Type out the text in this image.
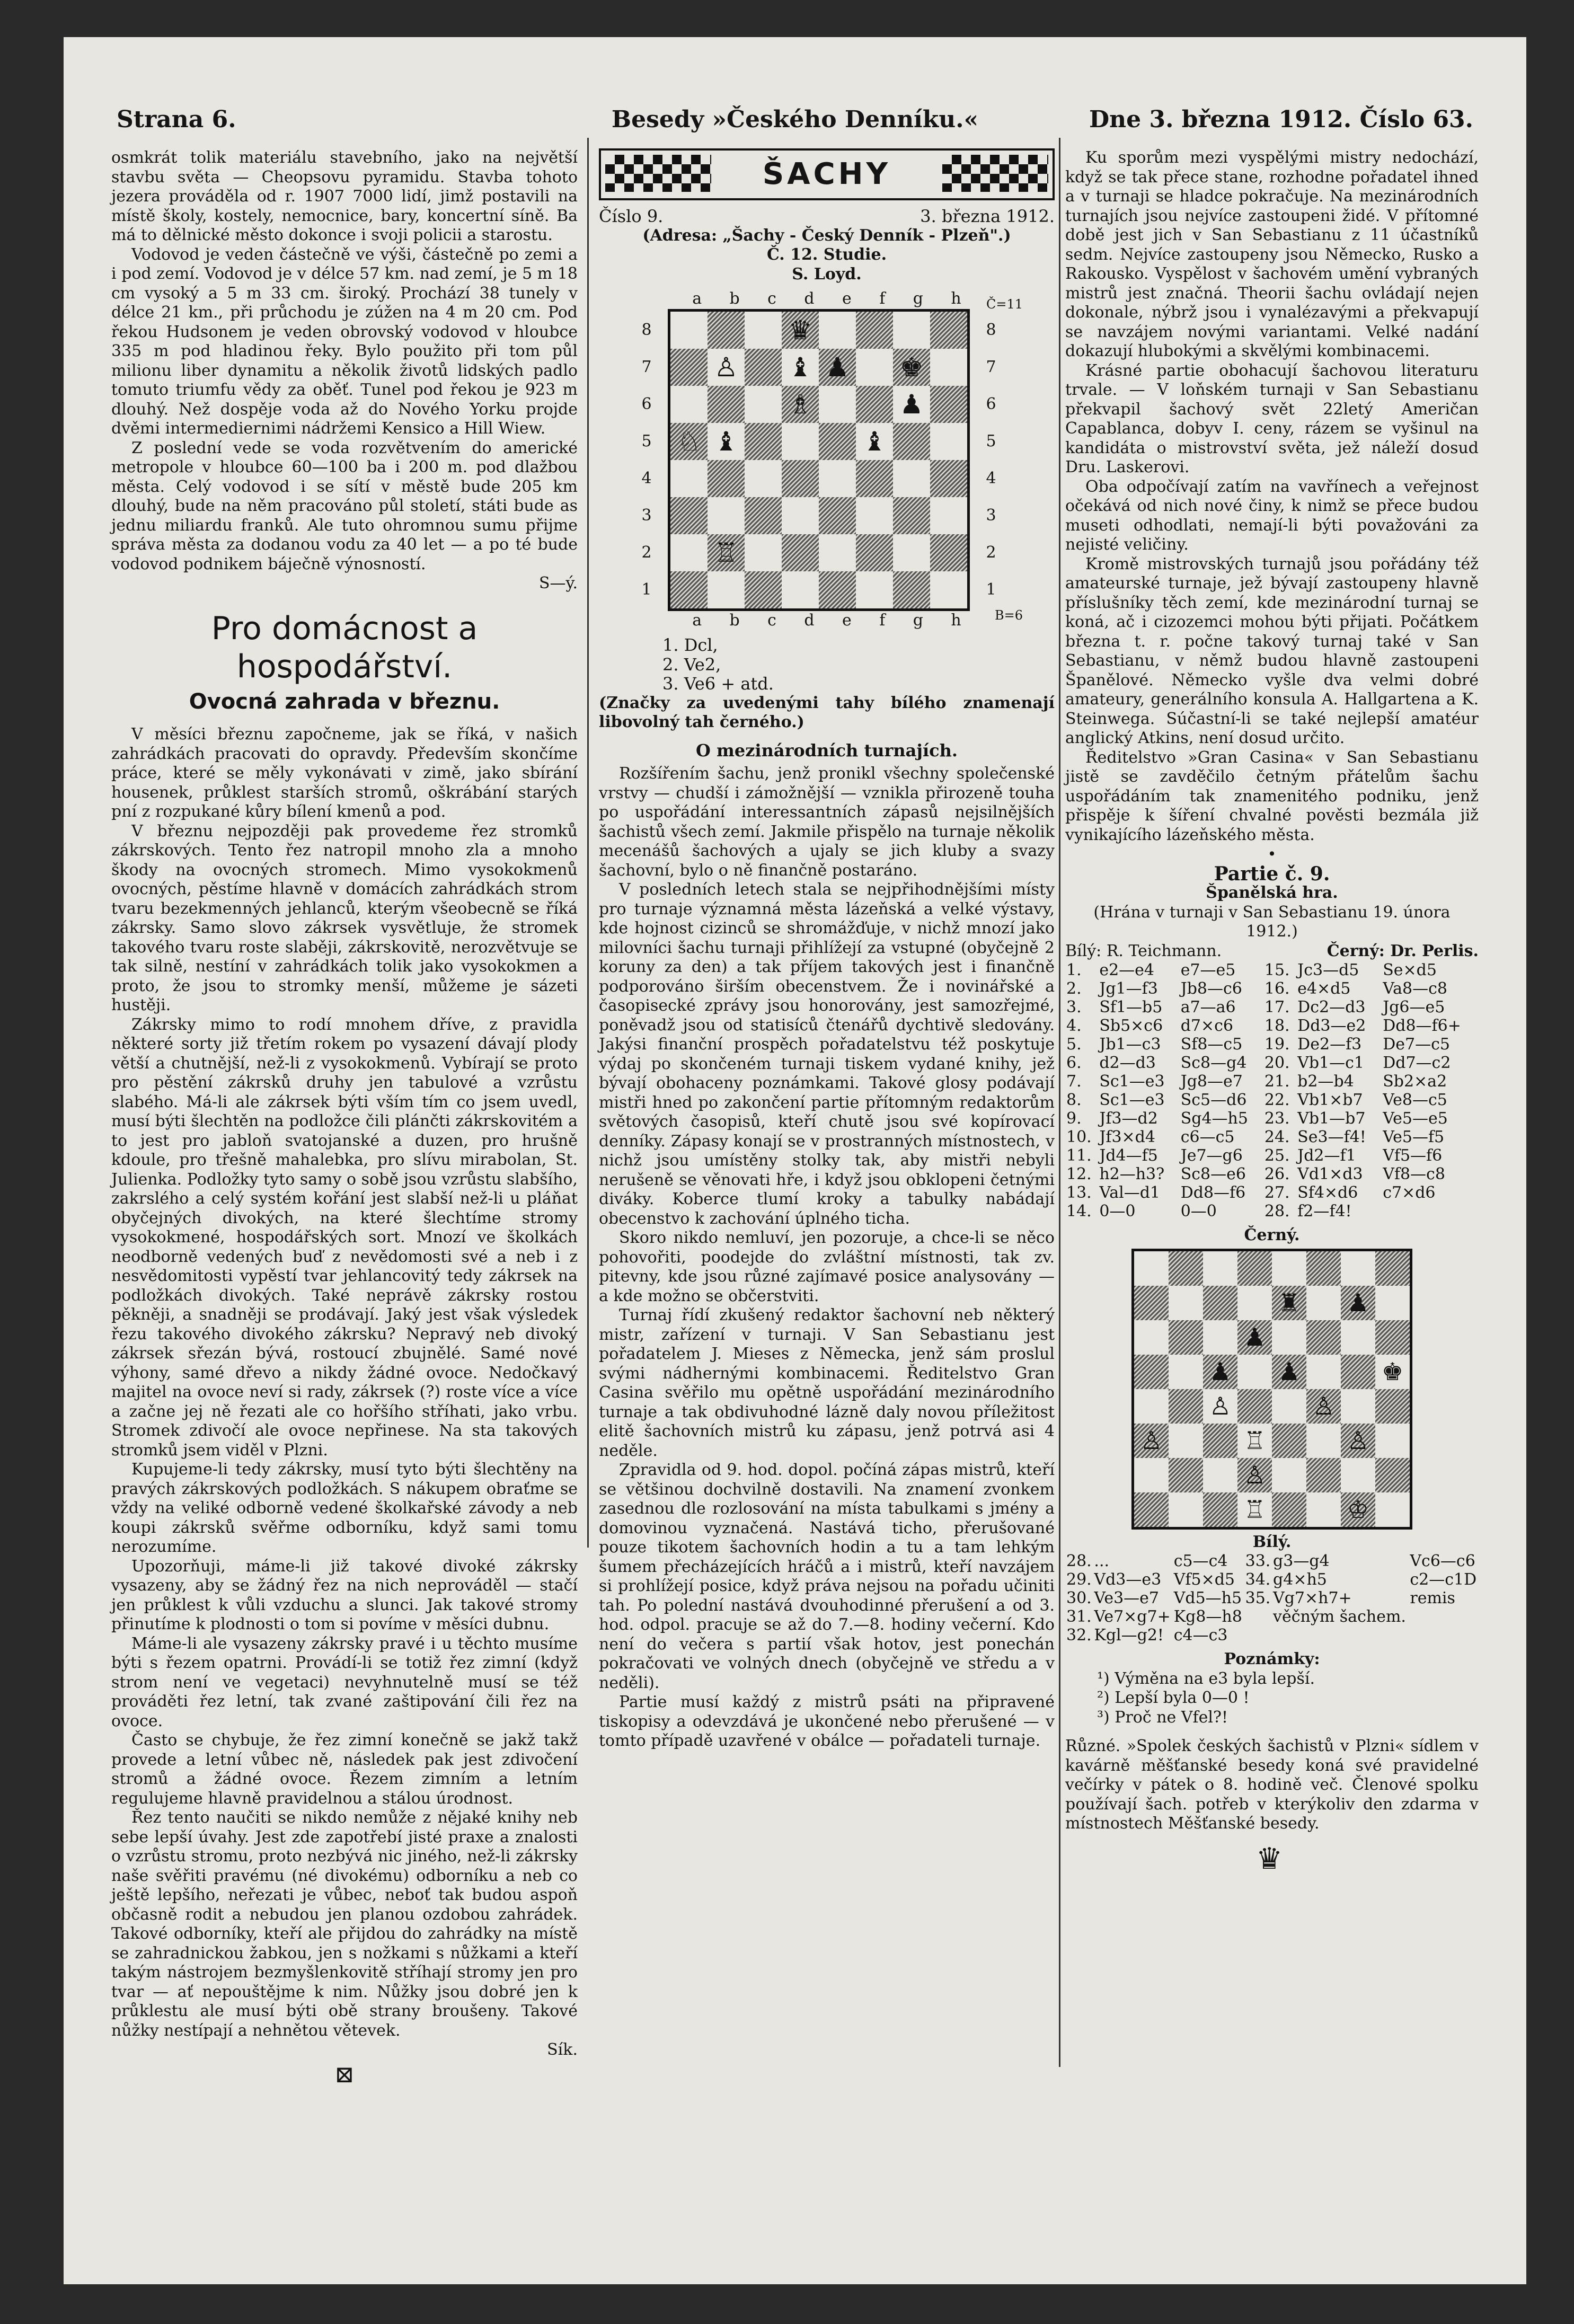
Strana 6.	Besedy »Českého Denníku.«	Dne 3. března 1912. Číslo 63.

osmkrát tolik materiálu stavebního, jako na největší stavbu světa — Cheopsovu pyramidu. Stavba tohoto jezera prováděla od r. 1907 7000 lidí, jimž postavili na místě školy, kostely, nemocnice, bary, koncertní síně. Ba má to dělnické město dokonce i svoji policii a starostu.

Vodovod je veden částečně ve výši, částečně po zemi a i pod zemí. Vodovod je v délce 57 km. nad zemí, je 5 m 18 cm vysoký a 5 m 33 cm. široký. Prochází 38 tunely v délce 21 km., při průchodu je zúžen na 4 m 20 cm. Pod řekou Hudsonem je veden obrovský vodovod v hloubce 335 m pod hladinou řeky. Bylo použito při tom půl milionu liber dynamitu a několik životů lidských padlo tomuto triumfu vědy za oběť. Tunel pod řekou je 923 m dlouhý. Než dospěje voda až do Nového Yorku projde dvěmi intermediernimi nádržemi Kensico a Hill Wiew.

Z poslední vede se voda rozvětvením do americké metropole v hloubce 60—100 ba i 200 m. pod dlažbou města. Celý vodovod i se sítí v městě bude 205 km dlouhý, bude na něm pracováno půl století, státi bude as jednu miliardu franků. Ale tuto ohromnou sumu přijme správa města za dodanou vodu za 40 let — a po té bude vodovod podnikem báječně výnosností.

S—ý.
Pro domácnost a hospodářství.
Ovocná zahrada v březnu.

V měsíci březnu započneme, jak se říká, v našich zahrádkách pracovati do opravdy. Především skončíme práce, které se měly vykonávati v zimě, jako sbírání housenek, průklest starších stromů, oškrábání starých pní z rozpukané kůry bílení kmenů a pod.

V březnu nejpozději pak provedeme řez stromků zákrskových. Tento řez natropil mnoho zla a mnoho škody na ovocných stromech. Mimo vysokokmenů ovocných, pěstíme hlavně v domácích zahrádkách strom tvaru bezekmenných jehlanců, kterým všeobecně se říká zákrsky. Samo slovo zákrsek vysvětluje, že stromek takového tvaru roste slaběji, zákrskovitě, nerozvětvuje se tak silně, nestíní v zahrádkách tolik jako vysokokmen a proto, že jsou to stromky menší, můžeme je sázeti hustěji.

Zákrsky mimo to rodí mnohem dříve, z pravidla některé sorty již třetím rokem po vysazení dávají plody větší a chutnější, než-li z vysokokmenů. Vybírají se proto pro pěstění zákrsků druhy jen tabulové a vzrůstu slabého. Má-li ale zákrsek býti vším tím co jsem uvedl, musí býti šlechtěn na podložce čili plánčti zákrskovitém a to jest pro jabloň svatojanské a duzen, pro hrušně kdoule, pro třešně mahalebka, pro slívu mirabolan, St. Julienka. Podložky tyto samy o sobě jsou vzrůstu slabšího, zakrslého a celý systém kořání jest slabší než-li u pláňat obyčejných divokých, na které šlechtíme stromy vysokokmené, hospodářských sort. Mnozí ve školkách neodborně vedených buď z nevědomosti své a neb i z nesvědomitosti vypěstí tvar jehlancovitý tedy zákrsek na podložkách divokých. Také neprávě zákrsky rostou pěkněji, a snadněji se prodávají. Jaký jest však výsledek řezu takového divokého zákrsku? Nepravý neb divoký zákrsek sřezán bývá, rostoucí zbujnělé. Samé nové výhony, samé dřevo a nikdy žádné ovoce. Nedočkavý majitel na ovoce neví si rady, zákrsek (?) roste více a více a začne jej ně řezati ale co hořšího stříhati, jako vrbu. Stromek zdivočí ale ovoce nepřinese. Na sta takových stromků jsem viděl v Plzni.

Kupujeme-li tedy zákrsky, musí tyto býti šlechtěny na pravých zákrskových podložkách. S nákupem obraťme se vždy na veliké odborně vedené školkařské závody a neb koupi zákrsků svěřme odborníku, když sami tomu nerozumíme.

Upozorňuji, máme-li již takové divoké zákrsky vysazeny, aby se žádný řez na nich neprováděl — stačí jen průklest k vůli vzduchu a slunci. Jak takové stromy přinutíme k plodnosti o tom si povíme v měsíci dubnu.

Máme-li ale vysazeny zákrsky pravé i u těchto musíme býti s řezem opatrni. Provádí-li se totiž řez zimní (když strom není ve vegetaci) nevyhnutelně musí se též prováděti řez letní, tak zvané zaštipování čili řez na ovoce.

Často se chybuje, že řez zimní konečně se jakž takž provede a letní vůbec ně, následek pak jest zdivočení stromů a žádné ovoce. Řezem zimním a letním regulujeme hlavně pravidelnou a stálou úrodnost.

Řez tento naučiti se nikdo nemůže z nějaké knihy neb sebe lepší úvahy. Jest zde zapotřebí jisté praxe a znalosti o vzrůstu stromu, proto nezbývá nic jiného, než-li zákrsky naše svěřiti pravému (né divokému) odborníku a neb co ještě lepšího, neřezati je vůbec, neboť tak budou aspoň občasně rodit a nebudou jen planou ozdobou zahrádek. Takové odborníky, kteří ale přijdou do zahrádky na místě se zahradnickou žabkou, jen s nožkami s nůžkami a kteří takým nástrojem bezmyšlenkovitě stříhají stromy jen pro tvar — ať nepouštějme k nim. Nůžky jsou dobré jen k průklestu ale musí býti obě strany broušeny. Takové nůžky nestípají a nehnětou větevek.

Sík.
⊠
ŠACHY
Číslo 9.	3. března 1912.
(Adresa: „Šachy - Český Denník - Plzeň".)
Č. 12. Studie.
S. Loyd.
a b c d e f g h
8
7
6
5
4
3
2
1
♛
♙ ♝ ♟ ♚
♗	♟
♘ ♝	♝
♖
8
7
6
5
4
3
2
1
a b c d e f g h
Č=11
B=6
1. Dcl,
2. Ve2,
3. Ve6 + atd.

(Značky za uvedenými tahy bílého znamenají libovolný tah černého.)

O mezinárodních turnajích.

Rozšířením šachu, jenž pronikl všechny společenské vrstvy — chudší i zámožnější — vznikla přirozeně touha po uspořádání interessantních zápasů nejsilnějších šachistů všech zemí. Jakmile přispělo na turnaje několik mecenášů šachových a ujaly se jich kluby a svazy šachovní, bylo o ně finančně postaráno.

V posledních letech stala se nejpřihodnějšími místy pro turnaje významná města lázeňská a velké výstavy, kde hojnost cizinců se shromážďuje, v nichž mnozí jako milovníci šachu turnaji přihlížejí za vstupné (obyčejně 2 koruny za den) a tak příjem takových jest i finančně podporováno širším obecenstvem. Že i novinářské a časopisecké zprávy jsou honorovány, jest samozřejmé, poněvadž jsou od statisíců čtenářů dychtivě sledovány. Jakýsi finanční prospěch pořadatelstvu též poskytuje výdaj po skončeném turnaji tiskem vydané knihy, jež bývají obohaceny poznámkami. Takové glosy podávají mistři hned po zakončení partie přítomným redaktorům světových časopisů, kteří chutě jsou své kopírovací denníky. Zápasy konají se v prostranných místnostech, v nichž jsou umístěny stolky tak, aby mistři nebyli nerušeně se věnovati hře, i když jsou obklopeni četnými diváky. Koberce tlumí kroky a tabulky nabádají obecenstvo k zachování úplného ticha.

Skoro nikdo nemluví, jen pozoruje, a chce-li se něco pohovořiti, poodejde do zvláštní místnosti, tak zv. pitevny, kde jsou různé zajímavé posice analysovány — a kde možno se občerstviti.

Turnaj řídí zkušený redaktor šachovní neb některý mistr, zařízení v turnaji. V San Sebastianu jest pořadatelem J. Mieses z Německa, jenž sám proslul svými nádhernými kombinacemi. Ředitelstvo Gran Casina svěřilo mu opětně uspořádání mezinárodního turnaje a tak obdivuhodné lázně daly novou příležitost elitě šachovních mistrů ku zápasu, jenž potrvá asi 4 neděle.

Zpravidla od 9. hod. dopol. počíná zápas mistrů, kteří se většinou dochvilně dostavili. Na znamení zvonkem zasednou dle rozlosování na místa tabulkami s jmény a domovinou vyznačená. Nastává ticho, přerušované pouze tikotem šachovních hodin a tu a tam lehkým šumem přecházejících hráčů a i mistrů, kteří navzájem si prohlížejí posice, když práva nejsou na pořadu učiniti tah. Po polední nastává dvouhodinné přerušení a od 3. hod. odpol. pracuje se až do 7.—8. hodiny večerní. Kdo není do večera s partií však hotov, jest ponechán pokračovati ve volných dnech (obyčejně ve středu a v neděli).

Partie musí každý z mistrů psáti na připravené tiskopisy a odevzdává je ukončené nebo přerušené — v tomto případě uzavřené v obálce — pořadateli turnaje.

Ku sporům mezi vyspělými mistry nedochází, když se tak přece stane, rozhodne pořadatel ihned a v turnaji se hladce pokračuje. Na mezinárodních turnajích jsou nejvíce zastoupeni židé. V přítomné době jest jich v San Sebastianu z 11 účastníků sedm. Nejvíce zastoupeny jsou Německo, Rusko a Rakousko. Vyspělost v šachovém umění vybraných mistrů jest značná. Theorii šachu ovládají nejen dokonale, nýbrž jsou i vynalézavými a překvapují se navzájem novými variantami. Velké nadání dokazují hlubokými a skvělými kombinacemi.

Krásné partie obohacují šachovou literaturu trvale. — V loňském turnaji v San Sebastianu překvapil šachový svět 22letý Američan Capablanca, dobyv I. ceny, rázem se vyšinul na kandidáta o mistrovství světa, jež náleží dosud Dru. Laskerovi.

Oba odpočívají zatím na vavřínech a veřejnost očekává od nich nové činy, k nimž se přece budou museti odhodlati, nemají-li býti považováni za nejisté veličiny.

Kromě mistrovských turnajů jsou pořádány též amateurské turnaje, jež bývají zastoupeny hlavně příslušníky těch zemí, kde mezinárodní turnaj se koná, ač i cizozemci mohou býti přijati. Počátkem března t. r. počne takový turnaj také v San Sebastianu, v němž budou hlavně zastoupeni Španělové. Německo vyšle dva velmi dobré amateury, generálního konsula A. Hallgartena a K. Steinwega. Súčastní-li se také nejlepší amatéur anglický Atkins, není dosud určito.

Ředitelstvo »Gran Casina« v San Sebastianu jistě se zavděčilo četným přátelům šachu uspořádáním tak znamenitého podniku, jenž přispěje k šíření chvalné pověsti bezmála již vynikajícího lázeňského města.

•
Partie č. 9.
Španělská hra.
(Hrána v turnaji v San Sebastianu 19. února 1912.)
Bílý: R. Teichmann.	Černý: Dr. Perlis.
1.	e2—e4	e7—e5	15.	Jc3—d5	Se×d5
2.	Jg1—f3	Jb8—c6	16.	e4×d5	Va8—c8
3.	Sf1—b5	a7—a6	17.	Dc2—d3	Jg6—e5
4.	Sb5×c6	d7×c6	18.	Dd3—e2	Dd8—f6+
5.	Jb1—c3	Sf8—c5	19.	De2—f3	De7—c5
6.	d2—d3	Sc8—g4	20.	Vb1—c1	Dd7—c2
7.	Sc1—e3	Jg8—e7	21.	b2—b4	Sb2×a2
8.	Sc1—e3	Sc5—d6	22.	Vb1×b7	Ve8—c5
9.	Jf3—d2	Sg4—h5	23.	Vb1—b7	Ve5—e5
10.	Jf3×d4	c6—c5	24.	Se3—f4!	Ve5—f5
11.	Jd4—f5	Je7—g6	25.	Jd2—f1	Vf5—f6
12.	h2—h3?	Sc8—e6	26.	Vd1×d3	Vf8—c8
13.	Val—d1	Dd8—f6	27.	Sf4×d6	c7×d6
14.	0—0	0—0	28.	f2—f4!	
Černý.
♜ ♟
♟
♟ ♟	♚
♙	♙
♙	♖	♙
♙
♖	♔
Bílý.
28.	...	c5—c4	33.	g3—g4	Vc6—c6
29.	Vd3—e3	Vf5×d5	34.	g4×h5	c2—c1D
30.	Ve3—e7	Vd5—h5	35.	Vg7×h7+	remis
31.	Ve7×g7+	Kg8—h8		věčným šachem.	
32.	Kgl—g2!	c4—c3			
Poznámky:
¹) Výměna na e3 byla lepší.
²) Lepší byla 0—0 !
³) Proč ne Vfel?!

Různé. »Spolek českých šachistů v Plzni« sídlem v kavárně měšťanské besedy koná své pravidelné večírky v pátek o 8. hodině več. Členové spolku používají šach. potřeb v kterýkoliv den zdarma v místnostech Měšťanské besedy.

♛
